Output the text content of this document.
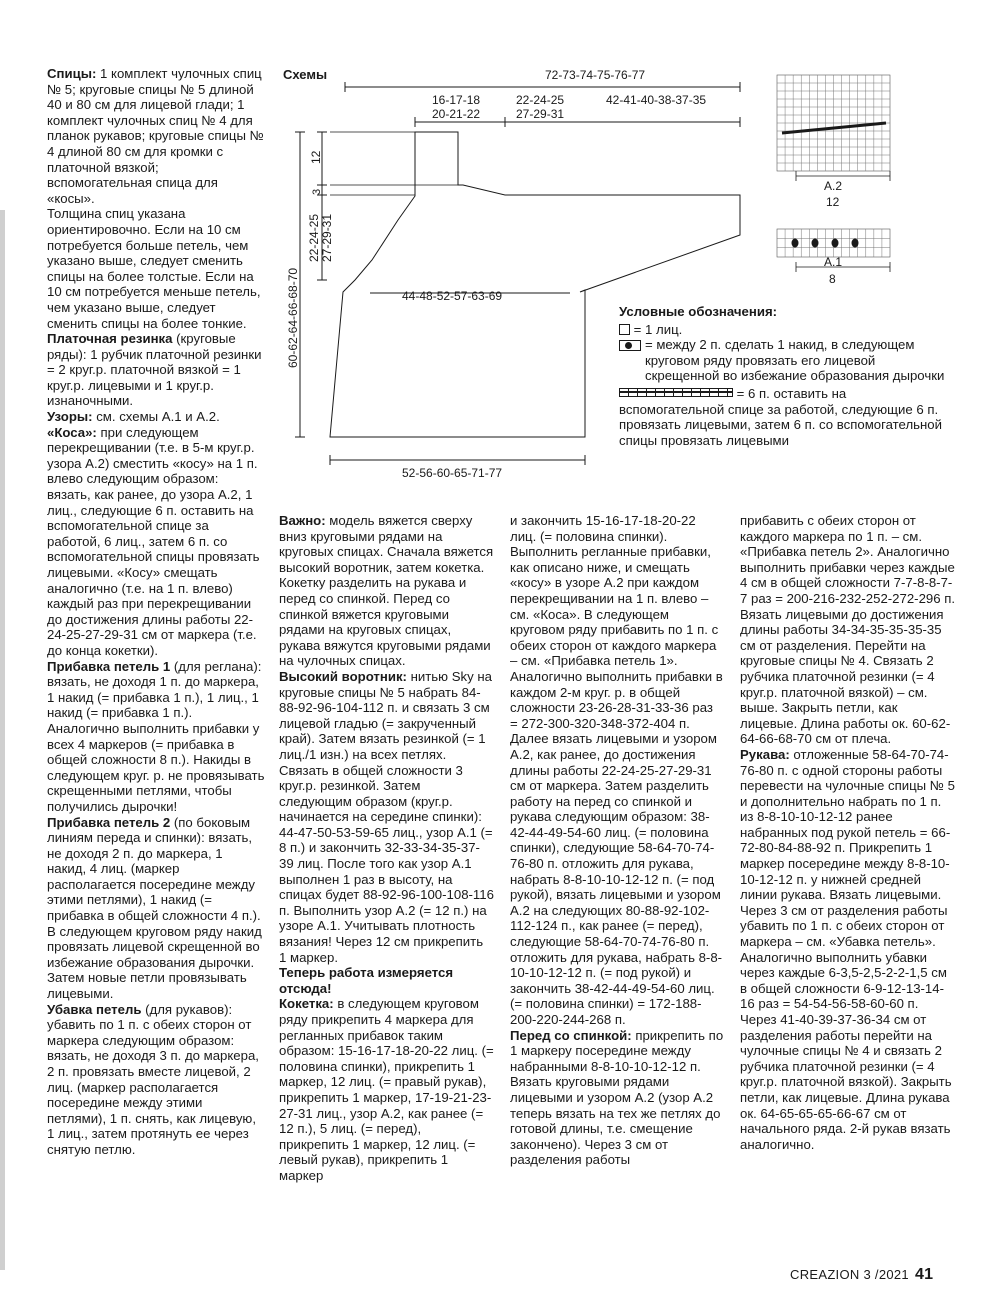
Спицы: 1 комплект чулочных спиц № 5; круговые спицы № 5 длиной 40 и 80 см для лицевой глади; 1 комплект чулочных спиц № 4 для планок рукавов; круговые спицы № 4 длиной 80 см для кромки с платочной вязкой; вспомогательная спица для «косы».

Толщина спиц указана ориентировочно. Если на 10 см потребуется больше петель, чем указано выше, следует сменить спицы на более толстые. Если на 10 см потребуется меньше петель, чем указано выше, следует сменить спицы на более тонкие.

Платочная резинка (круговые ряды): 1 рубчик платочной резинки = 2 круг.р. платочной вязкой = 1 круг.р. лицевыми и 1 круг.р. изнаночными.

Узоры: см. схемы А.1 и А.2.

«Коса»: при следующем перекрещивании (т.е. в 5-м круг.р. узора А.2) сместить «косу» на 1 п. влево следующим образом: вязать, как ранее, до узора А.2, 1 лиц., следующие 6 п. оставить на вспомогательной спице за работой, 6 лиц., затем 6 п. со вспомогательной спицы провязать лицевыми. «Косу» смещать аналогично (т.е. на 1 п. влево) каждый раз при перекрещивании до достижения длины работы 22-24-25-27-29-31 см от маркера (т.е. до конца кокетки).

Прибавка петель 1 (для реглана): вязать, не доходя 1 п. до маркера, 1 накид (= прибавка 1 п.), 1 лиц., 1 накид (= прибавка 1 п.). Аналогично выполнить прибавки у всех 4 маркеров (= прибавка в общей сложности 8 п.). Накиды в следующем круг. р. не провязывать скрещенными петлями, чтобы получились дырочки!

Прибавка петель 2 (по боковым линиям переда и спинки): вязать, не доходя 2 п. до маркера, 1 накид, 4 лиц. (маркер располагается посередине между этими петлями), 1 накид (= прибавка в общей сложности 4 п.). В следующем круговом ряду накид провязать лицевой скрещенной во избежание образования дырочки. Затем новые петли провязывать лицевыми.

Убавка петель (для рукавов): убавить по 1 п. с обеих сторон от маркера следующим образом: вязать, не доходя 3 п. до маркера, 2 п. провязать вместе лицевой, 2 лиц. (маркер располагается посередине между этими петлями), 1 п. снять, как лицевую, 1 лиц., затем протянуть ее через снятую петлю.

Схемы	72-73-74-75-76-77
16-17-18
20-21-22
22-24-25
27-29-31
42-41-40-38-37-35
12
3
22-24-25 27-29-31
60-62-64-66-68-70	44-48-52-57-63-69
52-56-60-65-71-77
A.2
12
A.1
8
Условные обозначения:
= 1 лиц.
= между 2 п. сделать 1 накид, в следующем круговом ряду провязать его лицевой скрещенной во избежание образования дырочки
= 6 п. оставить на вспомогательной спице за работой, следующие 6 п. провязать лицевыми, затем 6 п. со вспомогательной спицы провязать лицевыми

Важно: модель вяжется сверху вниз круговыми рядами на круговых спицах. Сначала вяжется высокий воротник, затем кокетка. Кокетку разделить на рукава и перед со спинкой. Перед со спинкой вяжется круговыми рядами на круговых спицах, рукава вяжутся круговыми рядами на чулочных спицах.

Высокий воротник: нитью Sky на круговые спицы № 5 набрать 84-88-92-96-104-112 п. и связать 3 см лицевой гладью (= закрученный край). Затем вязать резинкой (= 1 лиц./1 изн.) на всех петлях. Связать в общей сложности 3 круг.р. резинкой. Затем следующим образом (круг.р. начинается на середине спинки): 44-47-50-53-59-65 лиц., узор А.1 (= 8 п.) и закончить 32-33-34-35-37-39 лиц. После того как узор А.1 выполнен 1 раз в высоту, на спицах будет 88-92-96-100-108-116 п. Выполнить узор А.2 (= 12 п.) на узоре А.1. Учитывать плотность вязания! Через 12 см прикрепить 1 маркер.

Теперь работа измеряется отсюда!

Кокетка: в следующем круговом ряду прикрепить 4 маркера для регланных прибавок таким образом: 15-16-17-18-20-22 лиц. (= половина спинки), прикрепить 1 маркер, 12 лиц. (= правый рукав), прикрепить 1 маркер, 17-19-21-23-27-31 лиц., узор А.2, как ранее (= 12 п.), 5 лиц. (= перед), прикрепить 1 маркер, 12 лиц. (= левый рукав), прикрепить 1 маркер

и закончить 15-16-17-18-20-22 лиц. (= половина спинки). Выполнить регланные прибавки, как описано ниже, и смещать «косу» в узоре А.2 при каждом перекрещивании на 1 п. влево – см. «Коса». В следующем круговом ряду прибавить по 1 п. с обеих сторон от каждого маркера – см. «Прибавка петель 1». Аналогично выполнить прибавки в каждом 2-м круг. р. в общей сложности 23-26-28-31-33-36 раз = 272-300-320-348-372-404 п. Далее вязать лицевыми и узором А.2, как ранее, до достижения длины работы 22-24-25-27-29-31 см от маркера. Затем разделить работу на перед со спинкой и рукава следующим образом: 38-42-44-49-54-60 лиц. (= половина спинки), следующие 58-64-70-74-76-80 п. отложить для рукава, набрать 8-8-10-10-12-12 п. (= под рукой), вязать лицевыми и узором А.2 на следующих 80-88-92-102-112-124 п., как ранее (= перед), следующие 58-64-70-74-76-80 п. отложить для рукава, набрать 8-8-10-10-12-12 п. (= под рукой) и закончить 38-42-44-49-54-60 лиц. (= половина спинки) = 172-188-200-220-244-268 п.

Перед со спинкой: прикрепить по 1 маркеру посередине между набранными 8-8-10-10-12-12 п. Вязать круговыми рядами лицевыми и узором А.2 (узор А.2 теперь вязать на тех же петлях до готовой длины, т.е. смещение закончено). Через 3 см от разделения работы

прибавить с обеих сторон от каждого маркера по 1 п. – см. «Прибавка петель 2». Аналогично выполнить прибавки через каждые 4 см в общей сложности 7-7-8-8-7-7 раз = 200-216-232-252-272-296 п. Вязать лицевыми до достижения длины работы 34-34-35-35-35-35 см от разделения. Перейти на круговые спицы № 4. Связать 2 рубчика платочной резинки (= 4 круг.р. платочной вязкой) – см. выше. Закрыть петли, как лицевые. Длина работы ок. 60-62-64-66-68-70 см от плеча.

Рукава: отложенные 58-64-70-74-76-80 п. с одной стороны работы перевести на чулочные спицы № 5 и дополнительно набрать по 1 п. из 8-8-10-10-12-12 ранее набранных под рукой петель = 66-72-80-84-88-92 п. Прикрепить 1 маркер посередине между 8-8-10-10-12-12 п. у нижней средней линии рукава. Вязать лицевыми. Через 3 см от разделения работы убавить по 1 п. с обеих сторон от маркера – см. «Убавка петель». Аналогично выполнить убавки через каждые 6-3,5-2,5-2-2-1,5 см в общей сложности 6-9-12-13-14-16 раз = 54-54-56-58-60-60 п. Через 41-40-39-37-36-34 см от разделения работы перейти на чулочные спицы № 4 и связать 2 рубчика платочной резинки (= 4 круг.р. платочной вязкой). Закрыть петли, как лицевые. Длина рукава ок. 64-65-65-65-66-67 см от начального ряда. 2-й рукав вязать аналогично.

CREAZION 3 /2021 41
